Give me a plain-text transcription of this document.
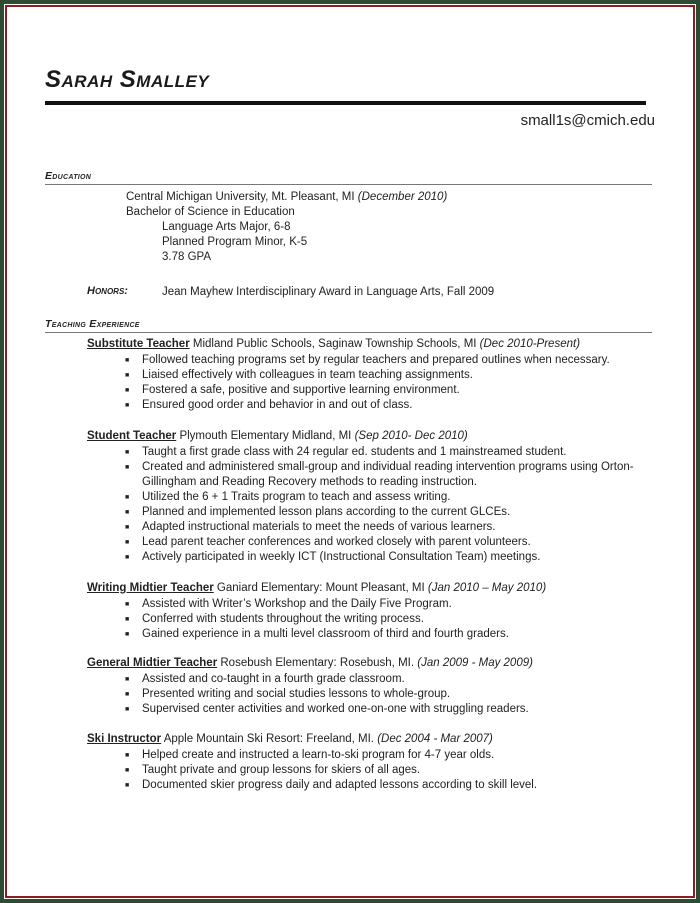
Sarah Smalley
small1s@cmich.edu
Education
Central Michigan University, Mt. Pleasant, MI (December 2010)
Bachelor of Science in Education
Language Arts Major, 6-8
Planned Program Minor, K-5
3.78 GPA
Honors:	Jean Mayhew Interdisciplinary Award in Language Arts, Fall 2009
Teaching Experience
Substitute Teacher Midland Public Schools, Saginaw Township Schools, MI (Dec 2010-Present)
■ Followed teaching programs set by regular teachers and prepared outlines when necessary.
■ Liaised effectively with colleagues in team teaching assignments.
■ Fostered a safe, positive and supportive learning environment.
■ Ensured good order and behavior in and out of class.
Student Teacher Plymouth Elementary Midland, MI (Sep 2010- Dec 2010)
■ Taught a first grade class with 24 regular ed. students and 1 mainstreamed student.
■ Created and administered small-group and individual reading intervention programs using Orton-
Gillingham and Reading Recovery methods to reading instruction.
■ Utilized the 6 + 1 Traits program to teach and assess writing.
■ Planned and implemented lesson plans according to the current GLCEs.
■ Adapted instructional materials to meet the needs of various learners.
■ Lead parent teacher conferences and worked closely with parent volunteers.
■ Actively participated in weekly ICT (Instructional Consultation Team) meetings.
Writing Midtier Teacher Ganiard Elementary: Mount Pleasant, MI (Jan 2010 – May 2010)
■ Assisted with Writer’s Workshop and the Daily Five Program.
■ Conferred with students throughout the writing process.
■ Gained experience in a multi level classroom of third and fourth graders.
General Midtier Teacher Rosebush Elementary: Rosebush, MI. (Jan 2009 - May 2009)
■ Assisted and co-taught in a fourth grade classroom.
■ Presented writing and social studies lessons to whole-group.
■ Supervised center activities and worked one-on-one with struggling readers.
Ski Instructor Apple Mountain Ski Resort: Freeland, MI. (Dec 2004 - Mar 2007)
■ Helped create and instructed a learn-to-ski program for 4-7 year olds.
■ Taught private and group lessons for skiers of all ages.
■ Documented skier progress daily and adapted lessons according to skill level.
